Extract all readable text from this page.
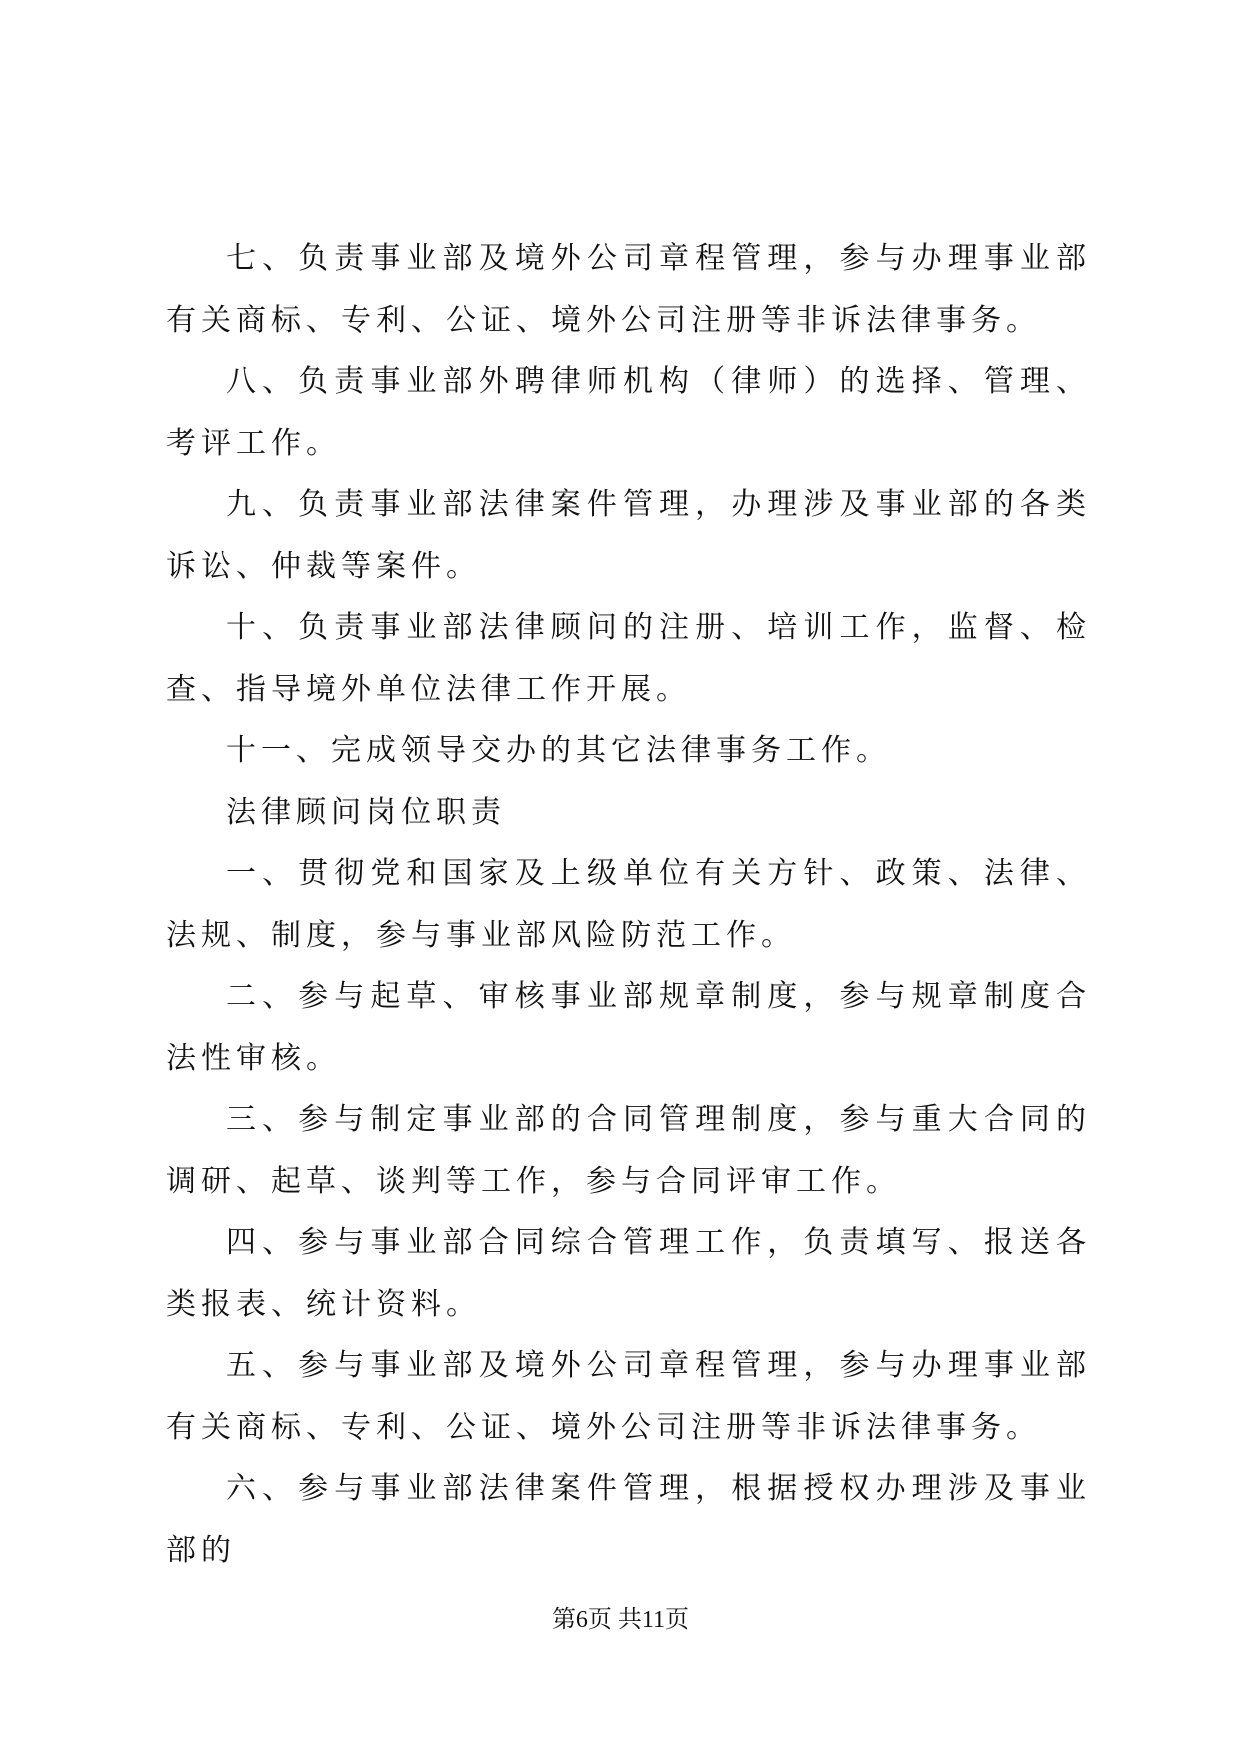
七、负责事业部及境外公司章程管理，参与办理事业部有关商标、专利、公证、境外公司注册等非诉法律事务。

八、负责事业部外聘律师机构（律师）的选择、管理、考评工作。

九、负责事业部法律案件管理，办理涉及事业部的各类诉讼、仲裁等案件。

十、负责事业部法律顾问的注册、培训工作，监督、检查、指导境外单位法律工作开展。

十一、完成领导交办的其它法律事务工作。

法律顾问岗位职责

一、贯彻党和国家及上级单位有关方针、政策、法律、法规、制度，参与事业部风险防范工作。

二、参与起草、审核事业部规章制度，参与规章制度合法性审核。

三、参与制定事业部的合同管理制度，参与重大合同的调研、起草、谈判等工作，参与合同评审工作。

四、参与事业部合同综合管理工作，负责填写、报送各类报表、统计资料。

五、参与事业部及境外公司章程管理，参与办理事业部有关商标、专利、公证、境外公司注册等非诉法律事务。

六、参与事业部法律案件管理，根据授权办理涉及事业部的

第6页 共11页
